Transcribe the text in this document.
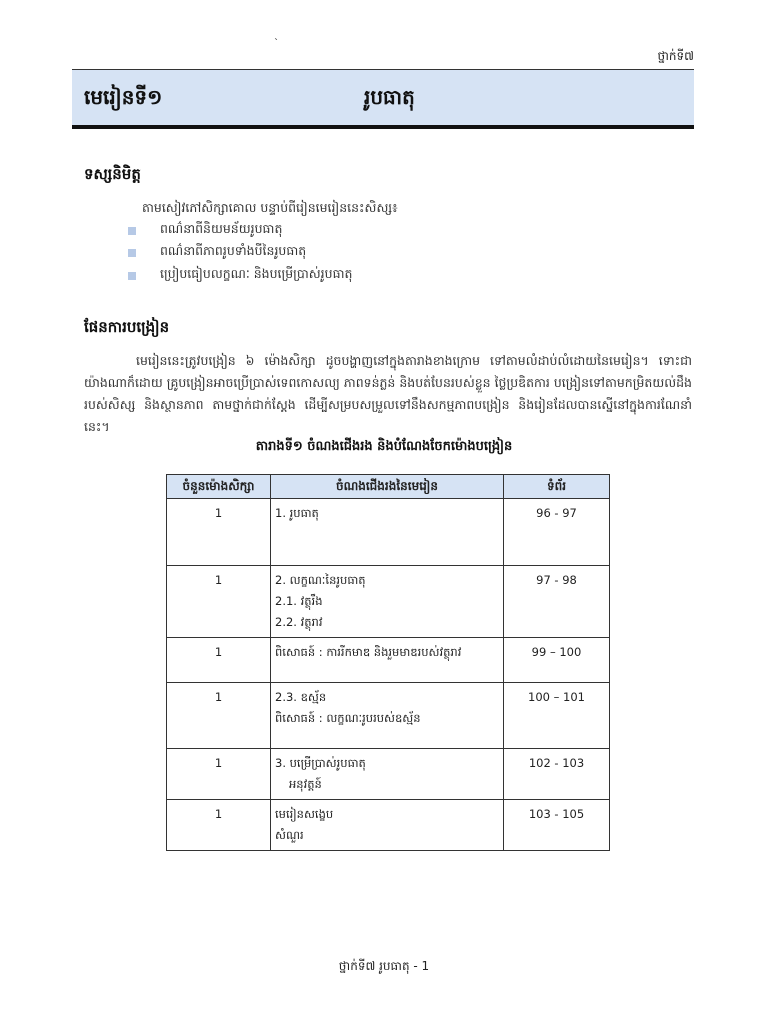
`
ថ្នាក់ទី៧
មេរៀនទី១	រូបធាតុ
ទស្សនិមិត្ត
តាមសៀវភៅសិក្សាគោល បន្ទាប់ពីរៀនមេរៀននេះសិស្ស៖
ពណ៌នាពីនិយមន័យរូបធាតុ
ពណ៌នាពីភាពរូបទាំងបីនៃរូបធាតុ
ប្រៀបធៀបលក្ខណៈ និងបម្រើប្រាស់រូបធាតុ
ផែនការបង្រៀន
មេរៀននេះត្រូវបង្រៀន ៦ ម៉ោងសិក្សា ដូចបង្ហាញនៅក្នុងតារាងខាងក្រោម ទៅតាមលំដាប់លំដោយនៃមេរៀន។ ទោះជាយ៉ាងណាក៏ដោយ គ្រូបង្រៀនអាចប្រើប្រាស់ទេពកោសល្យ ភាពទន់ភ្លន់ និងបត់បែនរបស់ខ្លួន ថ្លៃប្រឌិតការ បង្រៀនទៅតាមកម្រិតយល់ដឹងរបស់សិស្ស និងស្ថានភាព តាមថ្នាក់ជាក់ស្តែង ដើម្បីសម្របសម្រួលទៅនឹងសកម្មភាពបង្រៀន និងរៀនដែលបានស្នើនៅក្នុងការណែនាំនេះ។
តារាងទី១ ចំណងជើងរង និងបំណែងចែកម៉ោងបង្រៀន
ចំនួនម៉ោងសិក្សា	ចំណងជើងរងនៃមេរៀន	ទំព័រ
1	1. រូបធាតុ	96 - 97
1	2. លក្ខណៈនៃរូបធាតុ
2.1. វត្ថុរឹង
2.2. វត្ថុរាវ	97 - 98
1	ពិសោធន៍ : ការរីកមាឌ និងរួមមាឌរបស់វត្ថុរាវ	99 – 100
1	2.3. ឧស្ម័ន
ពិសោធន៍ : លក្ខណៈរូបរបស់ឧស្ម័ន	100 – 101
1	3. បម្រើប្រាស់រូបធាតុ
អនុវត្តន៍	102 - 103
1	មេរៀនសង្ខេប
សំណួរ	103 - 105
ថ្នាក់ទី៧ រូបធាតុ - 1
